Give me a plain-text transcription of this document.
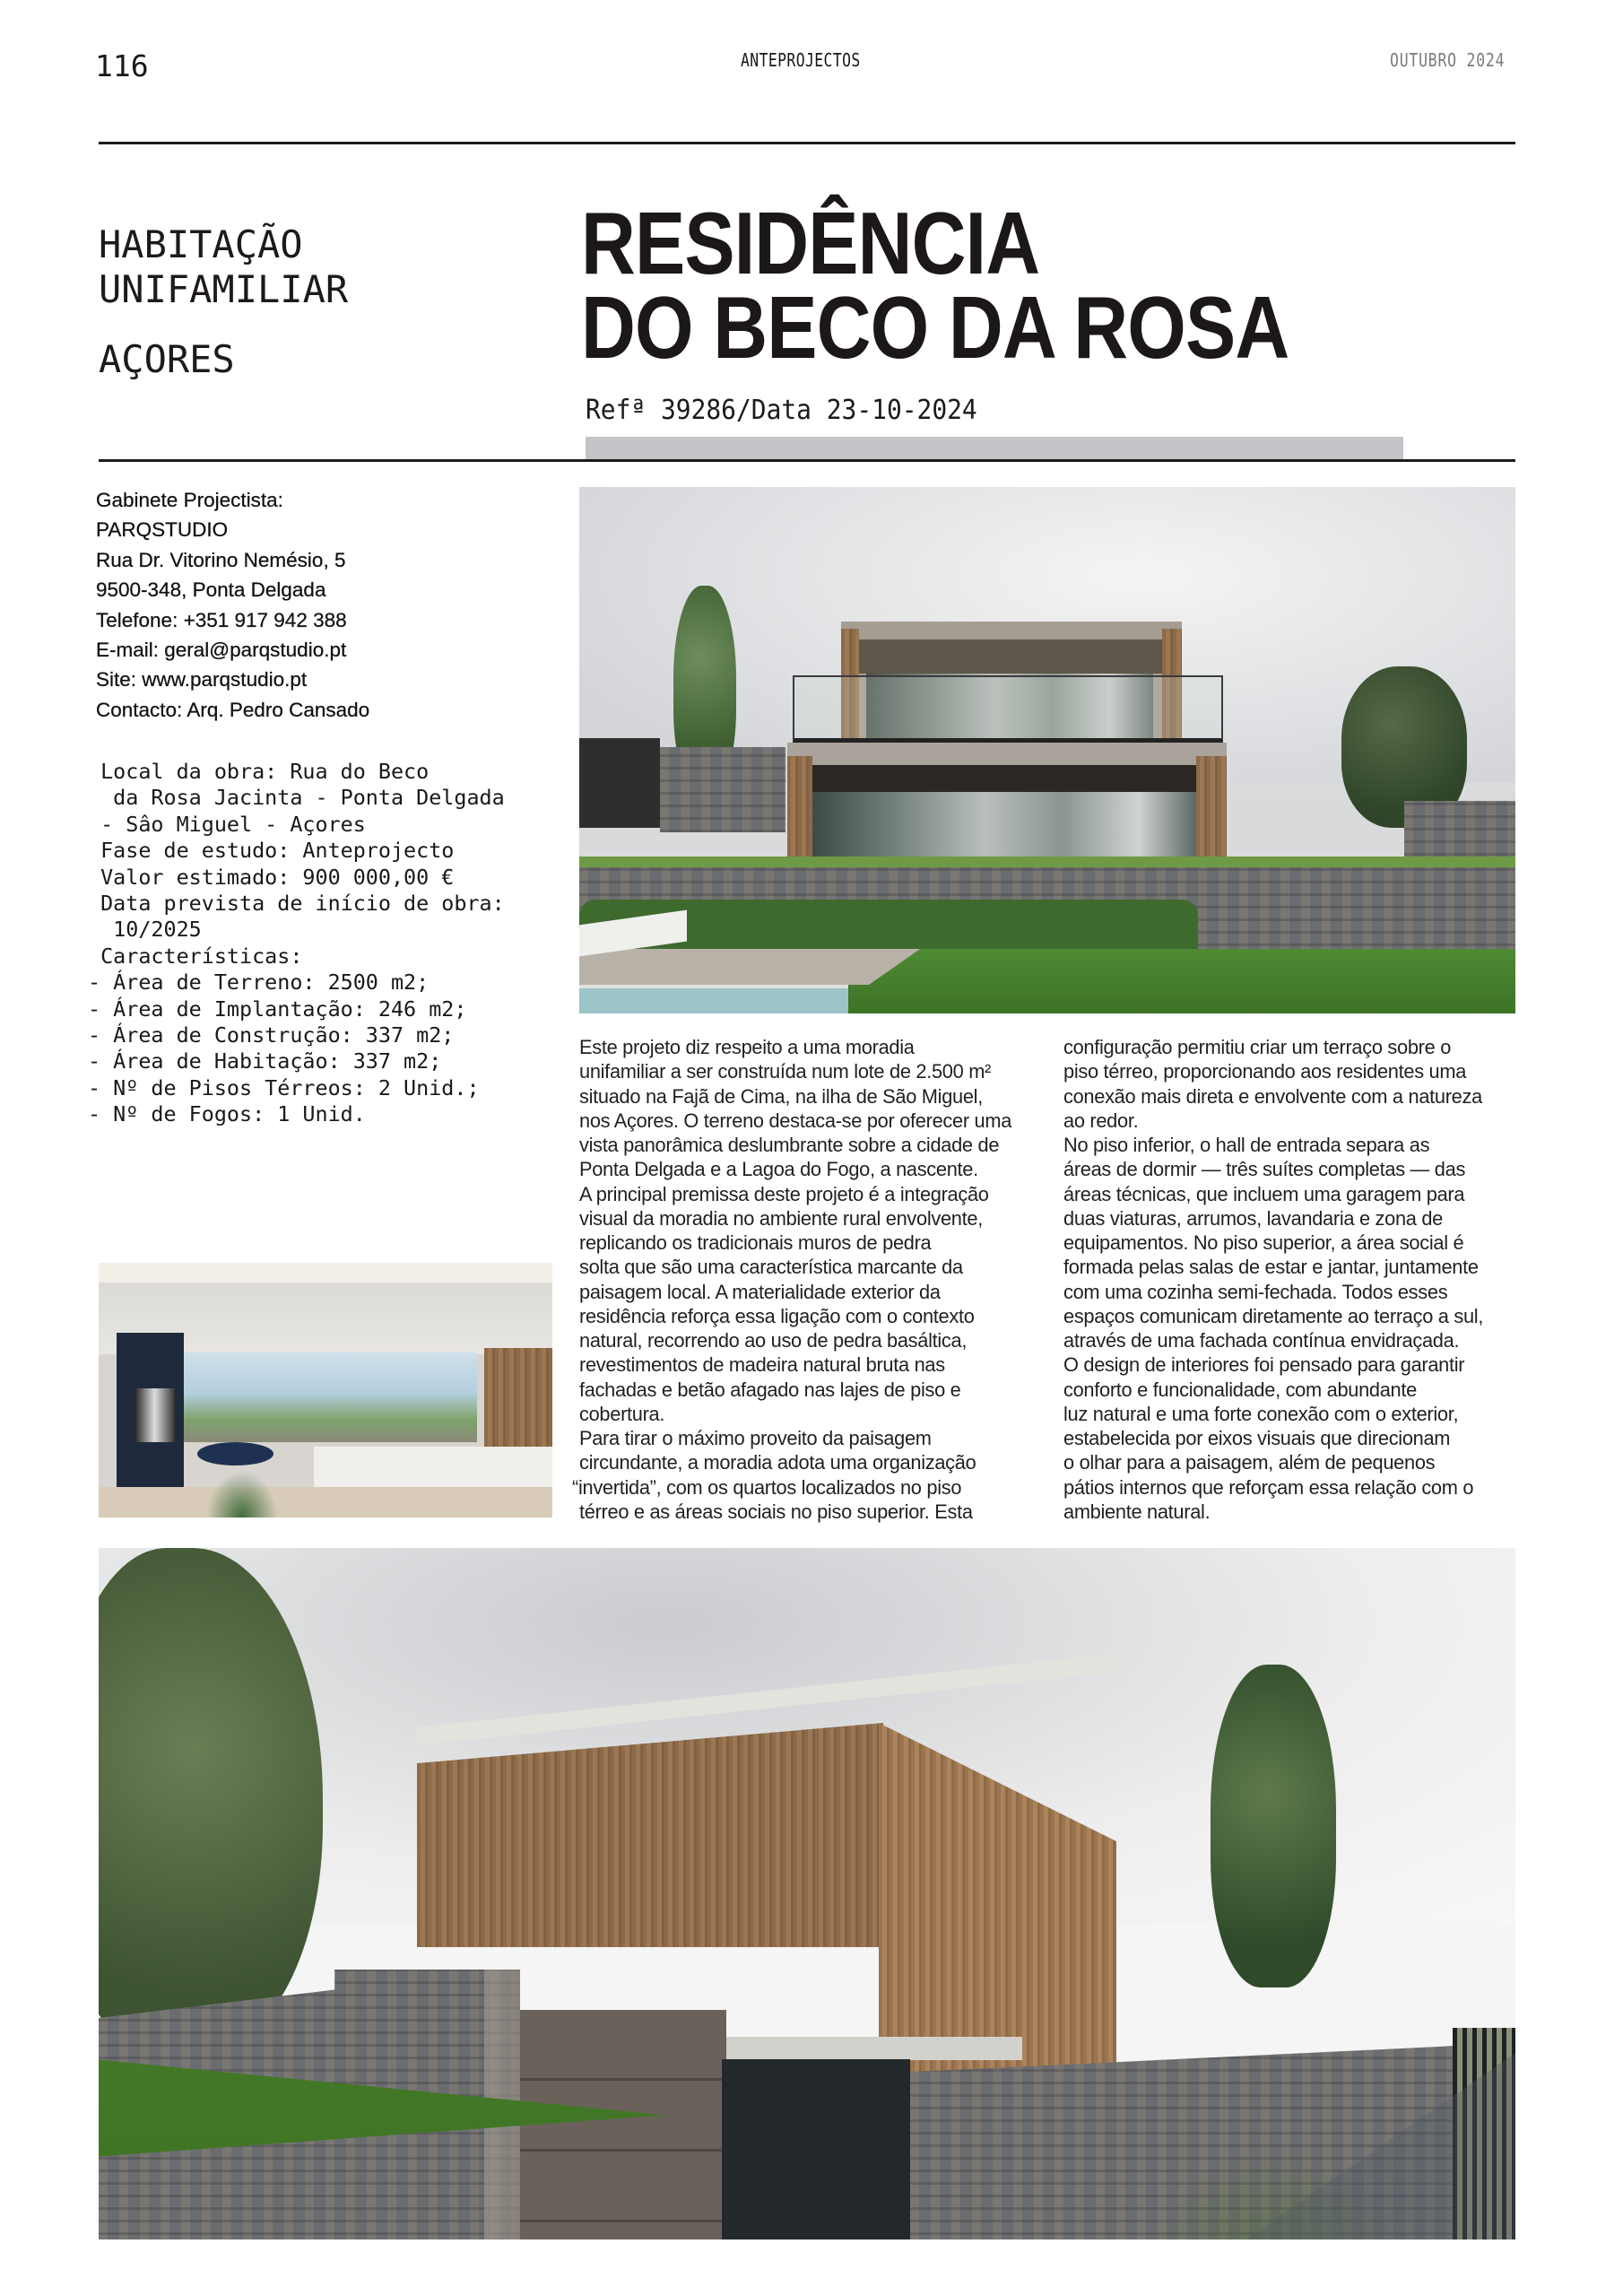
116	ANTEPROJECTOS	OUTUBRO 2024
HABITAÇÃO
UNIFAMILIAR
AÇORES
RESIDÊNCIA
DO BECO DA ROSA
Refª 39286/Data 23-10-2024
Gabinete Projectista:
PARQSTUDIO
Rua Dr. Vitorino Nemésio, 5
9500-348, Ponta Delgada
Telefone: +351 917 942 388
E-mail: geral@parqstudio.pt
Site: www.parqstudio.pt
Contacto: Arq. Pedro Cansado
Local da obra: Rua do Beco
da Rosa Jacinta - Ponta Delgada
- Sâo Miguel - Açores
Fase de estudo: Anteprojecto
Valor estimado: 900 000,00 €
Data prevista de início de obra:
10/2025
Características:
- Área de Terreno: 2500 m2;
- Área de Implantação: 246 m2;
- Área de Construção: 337 m2;
- Área de Habitação: 337 m2;
- Nº de Pisos Térreos: 2 Unid.;
- Nº de Fogos: 1 Unid.
Este projeto diz respeito a uma moradia
unifamiliar a ser construída num lote de 2.500 m²
situado na Fajã de Cima, na ilha de São Miguel,
nos Açores. O terreno destaca-se por oferecer uma
vista panorâmica deslumbrante sobre a cidade de
Ponta Delgada e a Lagoa do Fogo, a nascente.
A principal premissa deste projeto é a integração
visual da moradia no ambiente rural envolvente,
replicando os tradicionais muros de pedra
solta que são uma característica marcante da
paisagem local. A materialidade exterior da
residência reforça essa ligação com o contexto
natural, recorrendo ao uso de pedra basáltica,
revestimentos de madeira natural bruta nas
fachadas e betão afagado nas lajes de piso e
cobertura.
Para tirar o máximo proveito da paisagem
circundante, a moradia adota uma organização
“invertida”, com os quartos localizados no piso
térreo e as áreas sociais no piso superior. Esta
configuração permitiu criar um terraço sobre o
piso térreo, proporcionando aos residentes uma
conexão mais direta e envolvente com a natureza
ao redor.
No piso inferior, o hall de entrada separa as
áreas de dormir — três suítes completas — das
áreas técnicas, que incluem uma garagem para
duas viaturas, arrumos, lavandaria e zona de
equipamentos. No piso superior, a área social é
formada pelas salas de estar e jantar, juntamente
com uma cozinha semi-fechada. Todos esses
espaços comunicam diretamente ao terraço a sul,
através de uma fachada contínua envidraçada.
O design de interiores foi pensado para garantir
conforto e funcionalidade, com abundante
luz natural e uma forte conexão com o exterior,
estabelecida por eixos visuais que direcionam
o olhar para a paisagem, além de pequenos
pátios internos que reforçam essa relação com o
ambiente natural.
